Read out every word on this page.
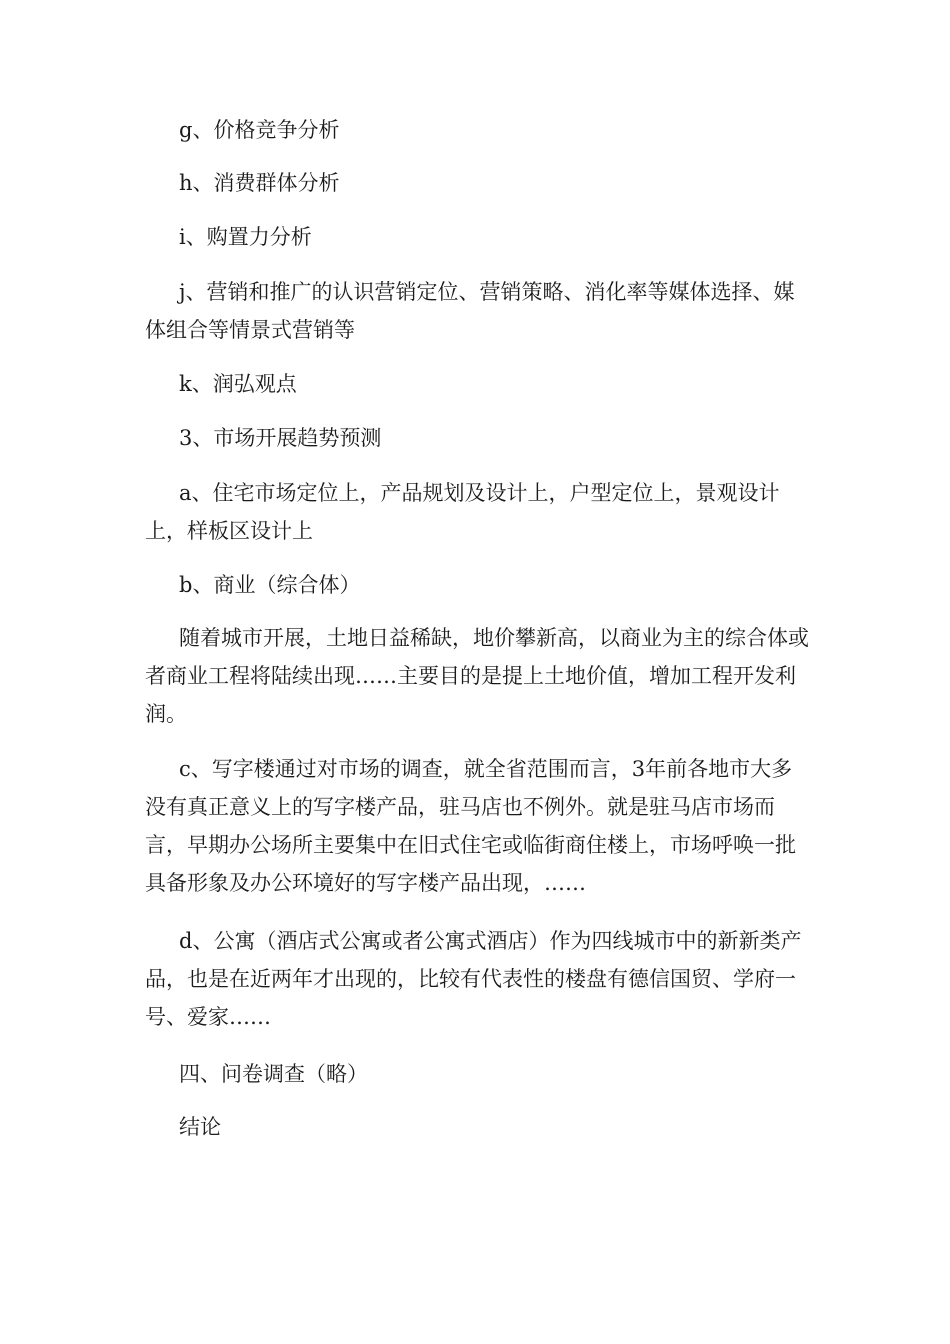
g、价格竞争分析

h、消费群体分析

i、购置力分析

j、营销和推广的认识营销定位、营销策略、消化率等媒体选择、媒体组合等情景式营销等

k、润弘观点

3、市场开展趋势预测

a、住宅市场定位上，产品规划及设计上，户型定位上，景观设计上，样板区设计上

b、商业（综合体）

随着城市开展，土地日益稀缺，地价攀新高，以商业为主的综合体或者商业工程将陆续出现……主要目的是提上土地价值，增加工程开发利润。

c、写字楼通过对市场的调查，就全省范围而言，3年前各地市大多没有真正意义上的写字楼产品，驻马店也不例外。就是驻马店市场而言，早期办公场所主要集中在旧式住宅或临街商住楼上，市场呼唤一批具备形象及办公环境好的写字楼产品出现，……

d、公寓（酒店式公寓或者公寓式酒店）作为四线城市中的新新类产品，也是在近两年才出现的，比较有代表性的楼盘有德信国贸、学府一号、爱家……

四、问卷调查（略）

结论
